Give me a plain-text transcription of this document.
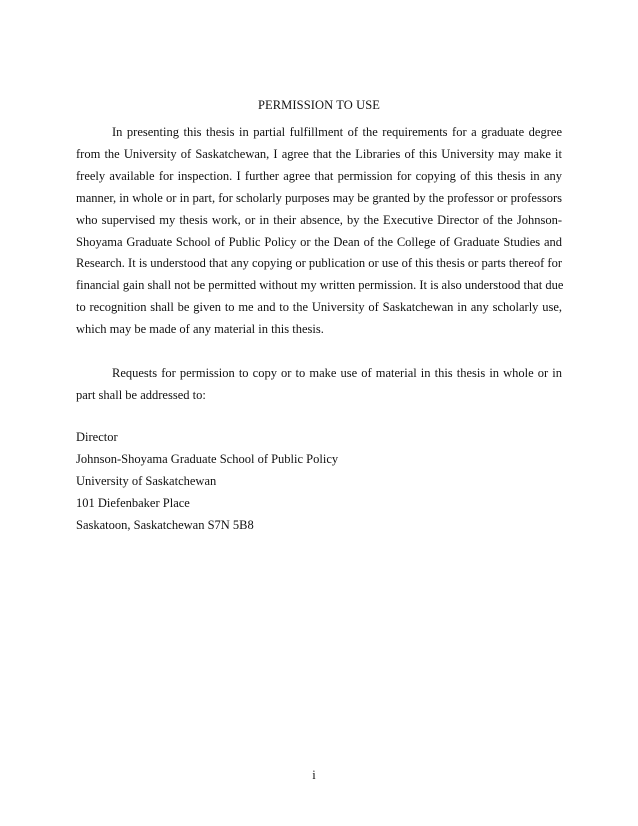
PERMISSION TO USE

In presenting this thesis in partial fulfillment of the requirements for a graduate degree
from the University of Saskatchewan, I agree that the Libraries of this University may make it
freely available for inspection. I further agree that permission for copying of this thesis in any
manner, in whole or in part, for scholarly purposes may be granted by the professor or professors
who supervised my thesis work, or in their absence, by the Executive Director of the Johnson-
Shoyama Graduate School of Public Policy or the Dean of the College of Graduate Studies and
Research. It is understood that any copying or publication or use of this thesis or parts thereof for
financial gain shall not be permitted without my written permission. It is also understood that due
to recognition shall be given to me and to the University of Saskatchewan in any scholarly use,
which may be made of any material in this thesis.

Requests for permission to copy or to make use of material in this thesis in whole or in
part shall be addressed to:

Director
Johnson-Shoyama Graduate School of Public Policy
University of Saskatchewan
101 Diefenbaker Place
Saskatoon, Saskatchewan S7N 5B8
i
